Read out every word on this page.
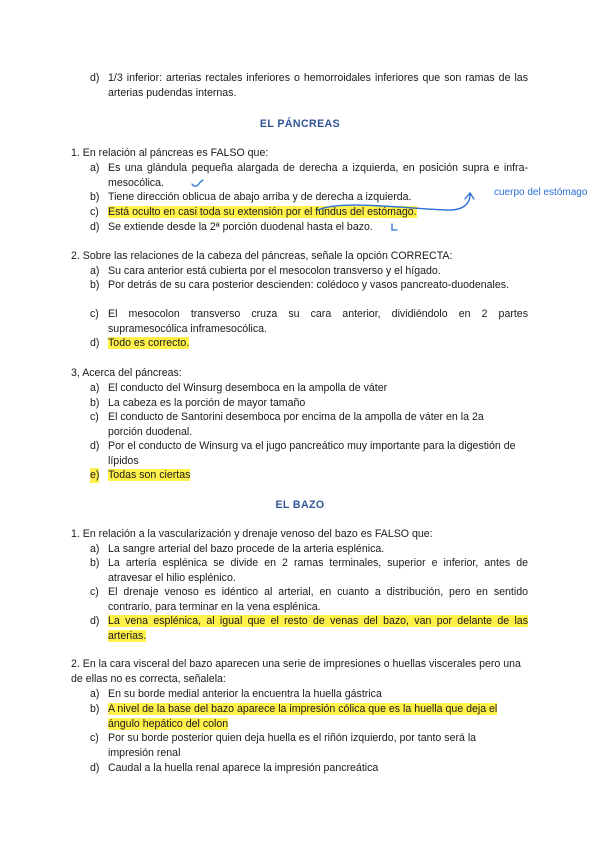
d) 1/3 inferior: arterias rectales inferiores o hemorroidales inferiores que son ramas de las arterias pudendas internas.
EL PÁNCREAS
1. En relación al páncreas es FALSO que:
a) Es una glándula pequeña alargada de derecha a izquierda, en posición supra e infra-mesocólica.
b) Tiene dirección oblicua de abajo arriba y de derecha a izquierda.
c) Está oculto en casi toda su extensión por el fundus del estómago.
d) Se extiende desde la 2ª porción duodenal hasta el bazo.
cuerpo del estómago
2. Sobre las relaciones de la cabeza del páncreas, señale la opción CORRECTA:
a) Su cara anterior está cubierta por el mesocolon transverso y el hígado.
b) Por detrás de su cara posterior descienden: colédoco y vasos pancreato-duodenales.
c) El mesocolon transverso cruza su cara anterior, dividiéndolo en 2 partes supramesocólica inframesocólica.
d) Todo es correcto.
3, Acerca del páncreas:
a) El conducto del Winsurg desemboca en la ampolla de váter
b) La cabeza es la porción de mayor tamaño
c) El conducto de Santorini desemboca por encima de la ampolla de váter en la 2a porción duodenal.
d) Por el conducto de Winsurg va el jugo pancreático muy importante para la digestión de lípidos
e) Todas son ciertas
EL BAZO
1. En relación a la vascularización y drenaje venoso del bazo es FALSO que:
a) La sangre arterial del bazo procede de la arteria esplénica.
b) La artería esplénica se divide en 2 ramas terminales, superior e inferior, antes de atravesar el hilio esplénico.
c) El drenaje venoso es idéntico al arterial, en cuanto a distribución, pero en sentido contrario, para terminar en la vena esplénica.
d) La vena esplénica, al igual que el resto de venas del bazo, van por delante de las arterias.
2. En la cara visceral del bazo aparecen una serie de impresiones o huellas viscerales pero una de ellas no es correcta, señalela:
a) En su borde medial anterior la encuentra la huella gástrica
b) A nivel de la base del bazo aparece la impresión cólica que es la huella que deja el ángulo hepático del colon
c) Por su borde posterior quien deja huella es el riñón izquierdo, por tanto será la impresión renal
d) Caudal a la huella renal aparece la impresión pancreática
